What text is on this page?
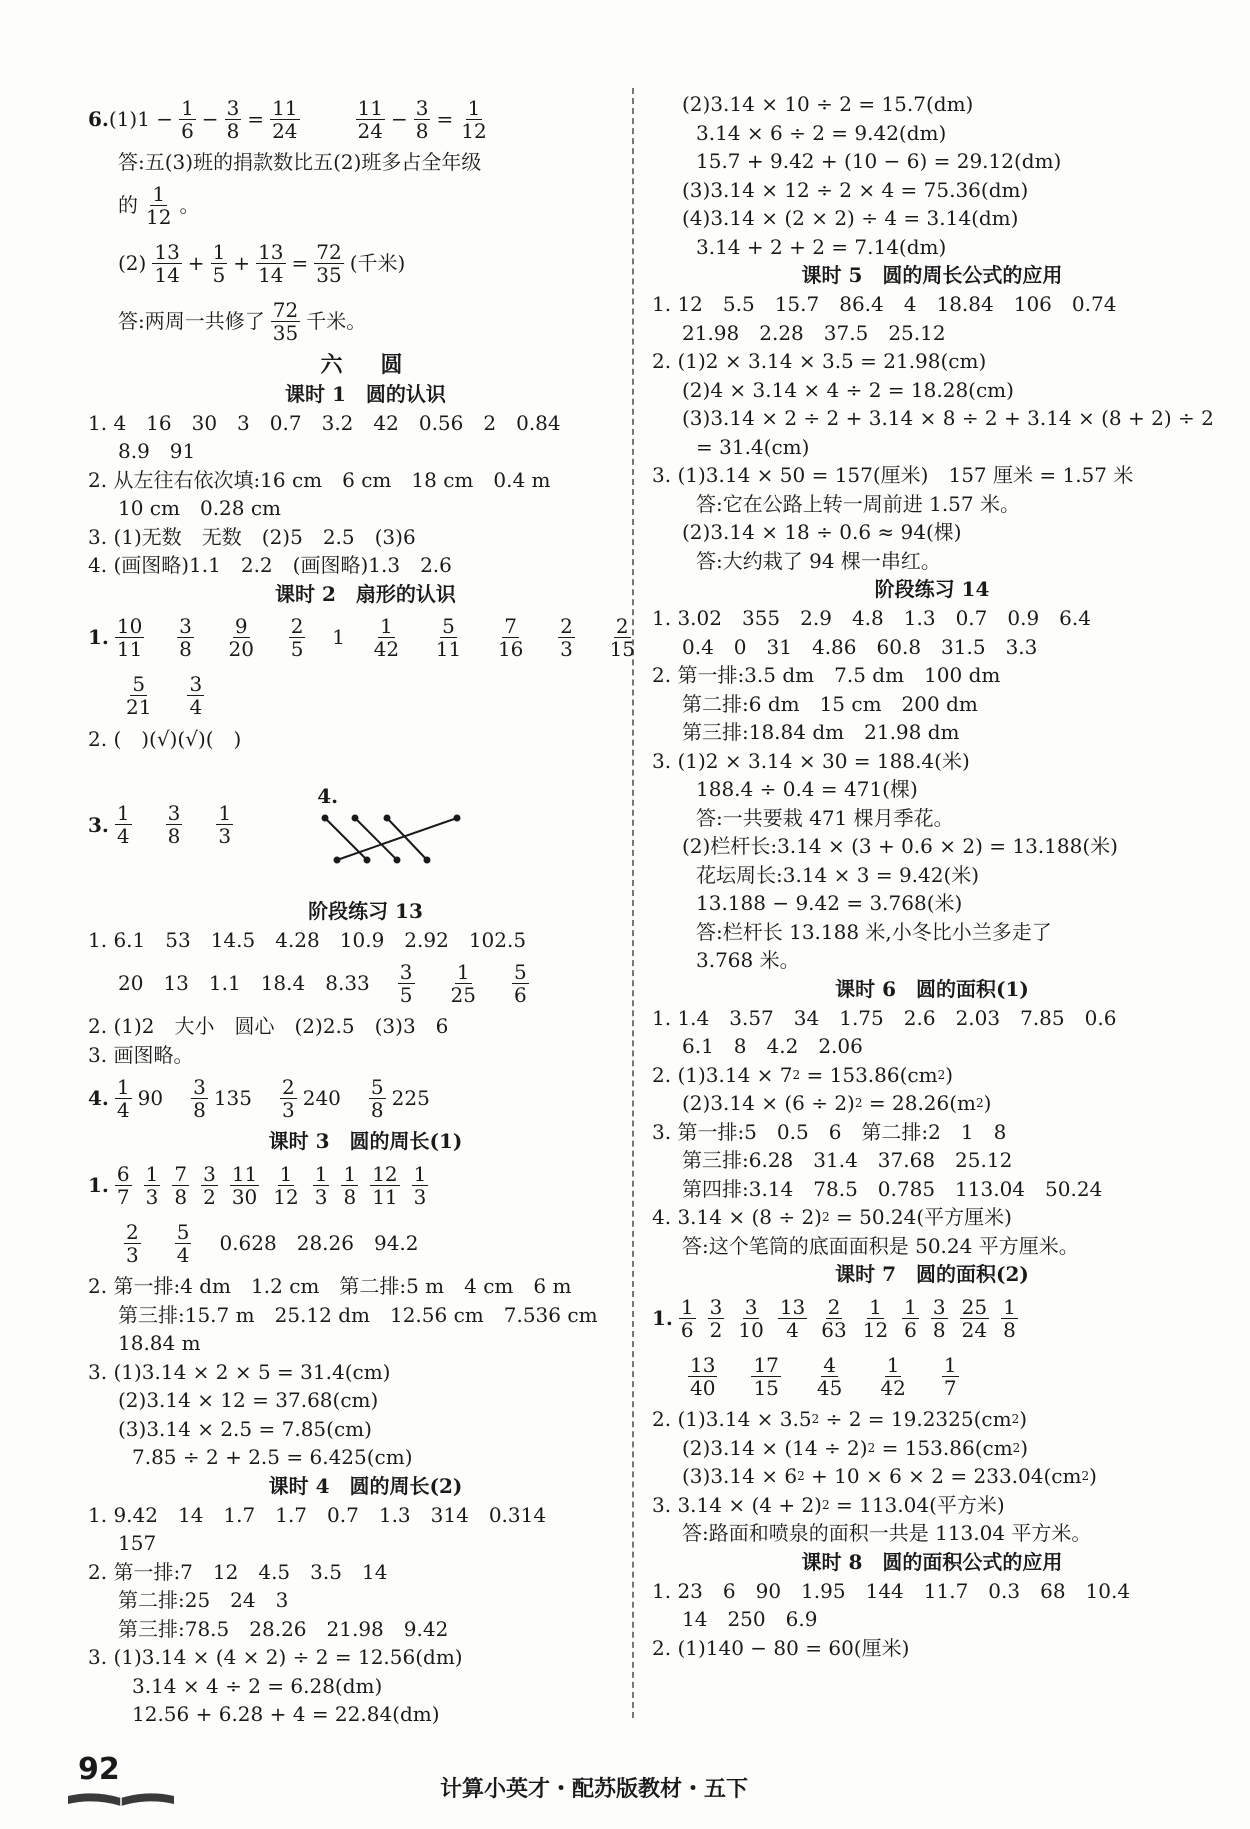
6. $(1)1 - \frac{1}{6} - \frac{3}{8} = \frac{11}{24}$	$\frac{11}{24} - \frac{3}{8} = \frac{1}{12}$
答:五(3)班的捐款数比五(2)班多占全年级
的 $\frac{1}{12}$ 。
$(2) \frac{13}{14} + \frac{1}{5} + \frac{13}{14} = \frac{72}{35}$ (千米)
答:两周一共修了 $\frac{72}{35}$ 千米。
六　圆
课时 1　圆的认识
1. 4　16　30　3　0.7　3.2　42　0.56　2　0.84
8.9　91
2. 从左往右依次填:16 cm　6 cm　18 cm　0.4 m
10 cm　0.28 cm
3. (1)无数　无数　(2)5　2.5　(3)6
4. (画图略)1.1　2.2　(画图略)1.3　2.6
课时 2　扇形的认识
1. $\frac{10}{11} \frac{3}{8} \frac{9}{20} \frac{2}{5} 1 \frac{1}{42} \frac{5}{11} \frac{7}{16} \frac{2}{3} \frac{2}{15}$
$\frac{5}{21} \frac{3}{4}$
2. (　)(√)(√)(　)
3. $\frac{1}{4} \frac{3}{8} \frac{1}{3}$

4.

阶段练习 13
1. 6.1　53　14.5　4.28　10.9　2.92　102.5
20　13　1.1　18.4　$8.33 \frac{3}{5} \frac{1}{25} \frac{5}{6}$
2. (1)2　大小　圆心　(2)2.5　(3)3　6
3. 画图略。
4. $\frac{1}{4} 90 \frac{3}{8} 135 \frac{2}{3} 240 \frac{5}{8} 225$
课时 3　圆的周长(1)
1. $\frac{6}{7} \frac{1}{3} \frac{7}{8} \frac{3}{2} \frac{11}{30} \frac{1}{12} \frac{1}{3} \frac{1}{8} \frac{12}{11} \frac{1}{3}$
$\frac{2}{3} \frac{5}{4} 0.628$　28.26　94.2
2. 第一排:4 dm　1.2 cm　第二排:5 m　4 cm　6 m
第三排:15.7 m　25.12 dm　12.56 cm　7.536 cm
18.84 m
3. (1)3.14 × 2 × 5 = 31.4(cm)
(2)3.14 × 12 = 37.68(cm)
(3)3.14 × 2.5 = 7.85(cm)
7.85 ÷ 2 + 2.5 = 6.425(cm)
课时 4　圆的周长(2)
1. 9.42　14　1.7　1.7　0.7　1.3　314　0.314
157
2. 第一排:7　12　4.5　3.5　14
第二排:25　24　3
第三排:78.5　28.26　21.98　9.42
3. (1)3.14 × (4 × 2) ÷ 2 = 12.56(dm)
3.14 × 4 ÷ 2 = 6.28(dm)
12.56 + 6.28 + 4 = 22.84(dm)
(2)3.14 × 10 ÷ 2 = 15.7(dm)
3.14 × 6 ÷ 2 = 9.42(dm)
15.7 + 9.42 + (10 − 6) = 29.12(dm)
(3)3.14 × 12 ÷ 2 × 4 = 75.36(dm)
(4)3.14 × (2 × 2) ÷ 4 = 3.14(dm)
3.14 + 2 + 2 = 7.14(dm)
课时 5　圆的周长公式的应用
1. 12　5.5　15.7　86.4　4　18.84　106　0.74
21.98　2.28　37.5　25.12
2. (1)2 × 3.14 × 3.5 = 21.98(cm)
(2)4 × 3.14 × 4 ÷ 2 = 18.28(cm)
(3)3.14 × 2 ÷ 2 + 3.14 × 8 ÷ 2 + 3.14 × (8 + 2) ÷ 2
= 31.4(cm)
3. (1)3.14 × 50 = 157(厘米)　157 厘米 = 1.57 米
答:它在公路上转一周前进 1.57 米。
(2)3.14 × 18 ÷ 0.6 ≈ 94(棵)
答:大约栽了 94 棵一串红。
阶段练习 14
1. 3.02　355　2.9　4.8　1.3　0.7　0.9　6.4
0.4　0　31　4.86　60.8　31.5　3.3
2. 第一排:3.5 dm　7.5 dm　100 dm
第二排:6 dm　15 cm　200 dm
第三排:18.84 dm　21.98 dm
3. (1)2 × 3.14 × 30 = 188.4(米)
188.4 ÷ 0.4 = 471(棵)
答:一共要栽 471 棵月季花。
(2)栏杆长:3.14 × (3 + 0.6 × 2) = 13.188(米)
花坛周长:3.14 × 3 = 9.42(米)
13.188 − 9.42 = 3.768(米)
答:栏杆长 13.188 米,小冬比小兰多走了
3.768 米。
课时 6　圆的面积(1)
1. 1.4　3.57　34　1.75　2.6　2.03　7.85　0.6
6.1　8　4.2　2.06
2. (1)3.14 × 7 2 = 153.86(cm 2 )
(2)3.14 × (6 ÷ 2) 2 = 28.26(m 2 )
3. 第一排:5　0.5　6　第二排:2　1　8
第三排:6.28　31.4　37.68　25.12
第四排:3.14　78.5　0.785　113.04　50.24
4. 3.14 × (8 ÷ 2) 2 = 50.24(平方厘米)
答:这个笔筒的底面面积是 50.24 平方厘米。
课时 7　圆的面积(2)
1. $\frac{1}{6} \frac{3}{2} \frac{3}{10} \frac{13}{4} \frac{2}{63} \frac{1}{12} \frac{1}{6} \frac{3}{8} \frac{25}{24} \frac{1}{8}$
$\frac{13}{40} \frac{17}{15} \frac{4}{45} \frac{1}{42} \frac{1}{7}$
2. (1)3.14 × 3.5 2 ÷ 2 = 19.2325(cm 2 )
(2)3.14 × (14 ÷ 2) 2 = 153.86(cm 2 )
(3)3.14 × 6 2 + 10 × 6 × 2 = 233.04(cm 2 )
3. 3.14 × (4 + 2) 2 = 113.04(平方米)
答:路面和喷泉的面积一共是 113.04 平方米。
课时 8　圆的面积公式的应用
1. 23　6　90　1.95　144　11.7　0.3　68　10.4
14　250　6.9
2. (1)140 − 80 = 60(厘米)
92
计算小英才・配苏版教材・五下
